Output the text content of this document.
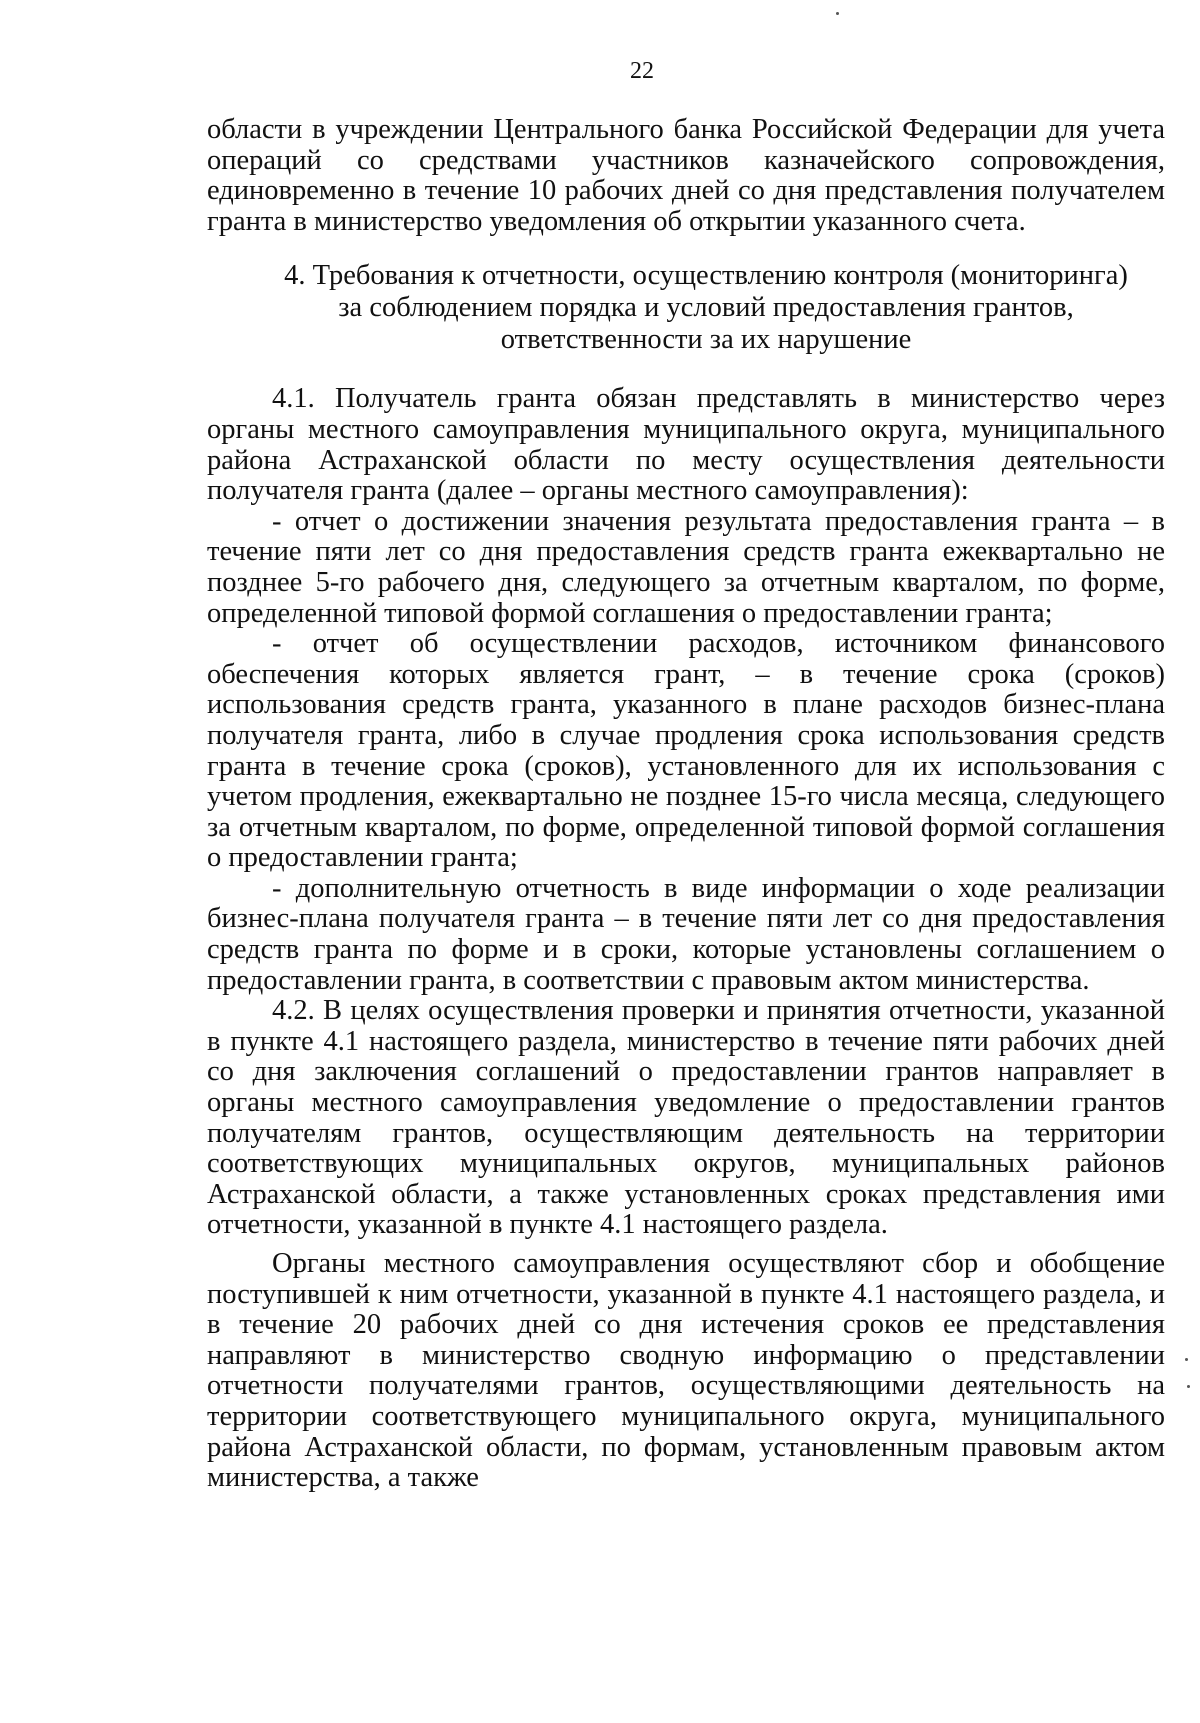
22

области в учреждении Центрального банка Российской Федерации для учета операций со средствами участников казначейского сопровождения, единовременно в течение 10 рабочих дней со дня представления получателем гранта в министерство уведомления об открытии указанного счета.

4. Требования к отчетности, осуществлению контроля (мониторинга)
за соблюдением порядка и условий предоставления грантов,
ответственности за их нарушение

4.1. Получатель гранта обязан представлять в министерство через органы местного самоуправления муниципального округа, муниципального района Астраханской области по месту осуществления деятельности получателя гранта (далее – органы местного самоуправления):

- отчет о достижении значения результата предоставления гранта – в течение пяти лет со дня предоставления средств гранта ежеквартально не позднее 5-го рабочего дня, следующего за отчетным кварталом, по форме, определенной типовой формой соглашения о предоставлении гранта;

- отчет об осуществлении расходов, источником финансового обеспечения которых является грант, – в течение срока (сроков) использования средств гранта, указанного в плане расходов бизнес-плана получателя гранта, либо в случае продления срока использования средств гранта в течение срока (сроков), установленного для их использования с учетом продления, ежеквартально не позднее 15-го числа месяца, следующего за отчетным кварталом, по форме, определенной типовой формой соглашения о предоставлении гранта;

- дополнительную отчетность в виде информации о ходе реализации бизнес-плана получателя гранта – в течение пяти лет со дня предоставления средств гранта по форме и в сроки, которые установлены соглашением о предоставлении гранта, в соответствии с правовым актом министерства.

4.2. В целях осуществления проверки и принятия отчетности, указанной в пункте 4.1 настоящего раздела, министерство в течение пяти рабочих дней со дня заключения соглашений о предоставлении грантов направляет в органы местного самоуправления уведомление о предоставлении грантов получателям грантов, осуществляющим деятельность на территории соответствующих муниципальных округов, муниципальных районов Астраханской области, а также установленных сроках представления ими отчетности, указанной в пункте 4.1 настоящего раздела.

Органы местного самоуправления осуществляют сбор и обобщение поступившей к ним отчетности, указанной в пункте 4.1 настоящего раздела, и в течение 20 рабочих дней со дня истечения сроков ее представления направляют в министерство сводную информацию о представлении отчетности получателями грантов, осуществляющими деятельность на территории соответствующего муниципального округа, муниципального района Астраханской области, по формам, установленным правовым актом министерства, а также
